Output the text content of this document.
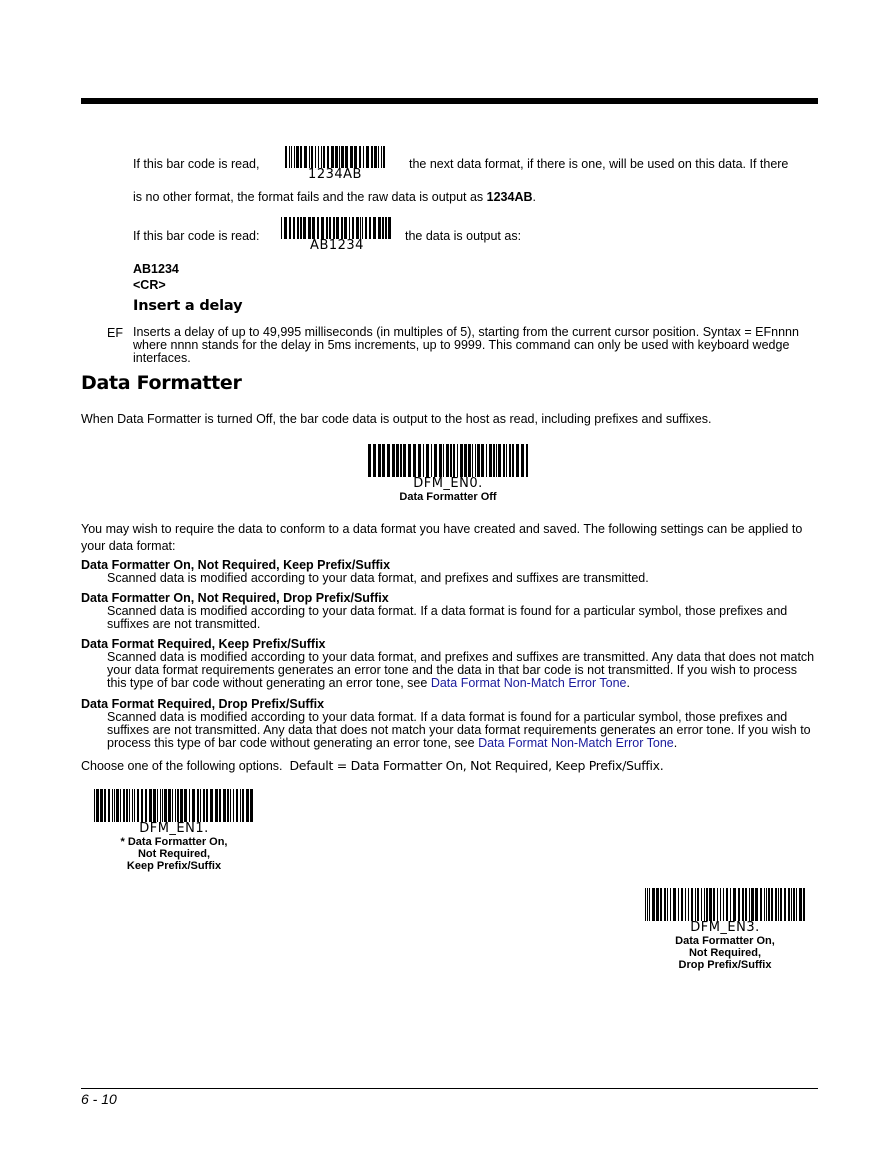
6 - 10
If this bar code is read,
1234AB
the next data format, if there is one, will be used on this data. If there
is no other format, the format fails and the raw data is output as 1234AB.
If this bar code is read:
AB1234
the data is output as:
AB1234
<CR>
Insert a delay
EF Inserts a delay of up to 49,995 milliseconds (in multiples of 5), starting from the current cursor position. Syntax = EFnnnn where nnnn stands for the delay in 5ms increments, up to 9999. This command can only be used with keyboard wedge interfaces.
Data Formatter
When Data Formatter is turned Off, the bar code data is output to the host as read, including prefixes and suffixes.
DFM_EN0.
Data Formatter Off
You may wish to require the data to conform to a data format you have created and saved. The following settings can be applied to your data format:
Data Formatter On, Not Required, Keep Prefix/Suffix
Scanned data is modified according to your data format, and prefixes and suffixes are transmitted.
Data Formatter On, Not Required, Drop Prefix/Suffix
Scanned data is modified according to your data format. If a data format is found for a particular symbol, those prefixes and suffixes are not transmitted.
Data Format Required, Keep Prefix/Suffix
Scanned data is modified according to your data format, and prefixes and suffixes are transmitted. Any data that does not match your data format requirements generates an error tone and the data in that bar code is not transmitted. If you wish to process this type of bar code without generating an error tone, see Data Format Non-Match Error Tone.
Data Format Required, Drop Prefix/Suffix
Scanned data is modified according to your data format. If a data format is found for a particular symbol, those prefixes and suffixes are not transmitted. Any data that does not match your data format requirements generates an error tone. If you wish to process this type of bar code without generating an error tone, see Data Format Non-Match Error Tone.
Choose one of the following options. Default = Data Formatter On, Not Required, Keep Prefix/Suffix.
DFM_EN1.
* Data Formatter On,
Not Required,
Keep Prefix/Suffix
DFM_EN3.
Data Formatter On,
Not Required,
Drop Prefix/Suffix
